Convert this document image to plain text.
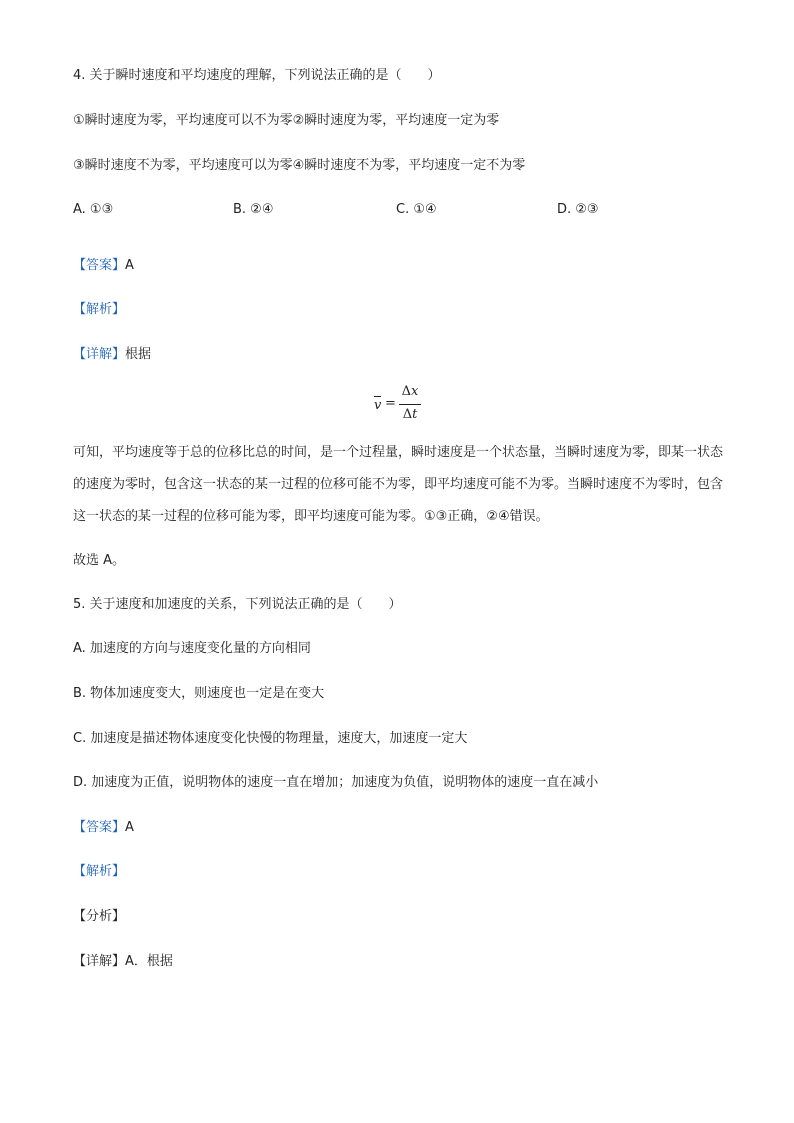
4. 关于瞬时速度和平均速度的理解，下列说法正确的是（　　）
①瞬时速度为零，平均速度可以不为零②瞬时速度为零，平均速度一定为零
③瞬时速度不为零，平均速度可以为零④瞬时速度不为零，平均速度一定不为零
A. ①③	B. ②④	C. ①④	D. ②③
【答案】A
【解析】
【详解】根据
v =
Δx
Δt
可知，平均速度等于总的位移比总的时间，是一个过程量，瞬时速度是一个状态量，当瞬时速度为零，即某一状态的速度为零时，包含这一状态的某一过程的位移可能不为零，即平均速度可能不为零。当瞬时速度不为零时，包含这一状态的某一过程的位移可能为零，即平均速度可能为零。①③正确，②④错误。
故选 A。
5. 关于速度和加速度的关系，下列说法正确的是（　　）
A. 加速度的方向与速度变化量的方向相同
B. 物体加速度变大，则速度也一定是在变大
C. 加速度是描述物体速度变化快慢的物理量，速度大，加速度一定大
D. 加速度为正值，说明物体的速度一直在增加；加速度为负值，说明物体的速度一直在减小
【答案】A
【解析】
【分析】
【详解】A．根据
